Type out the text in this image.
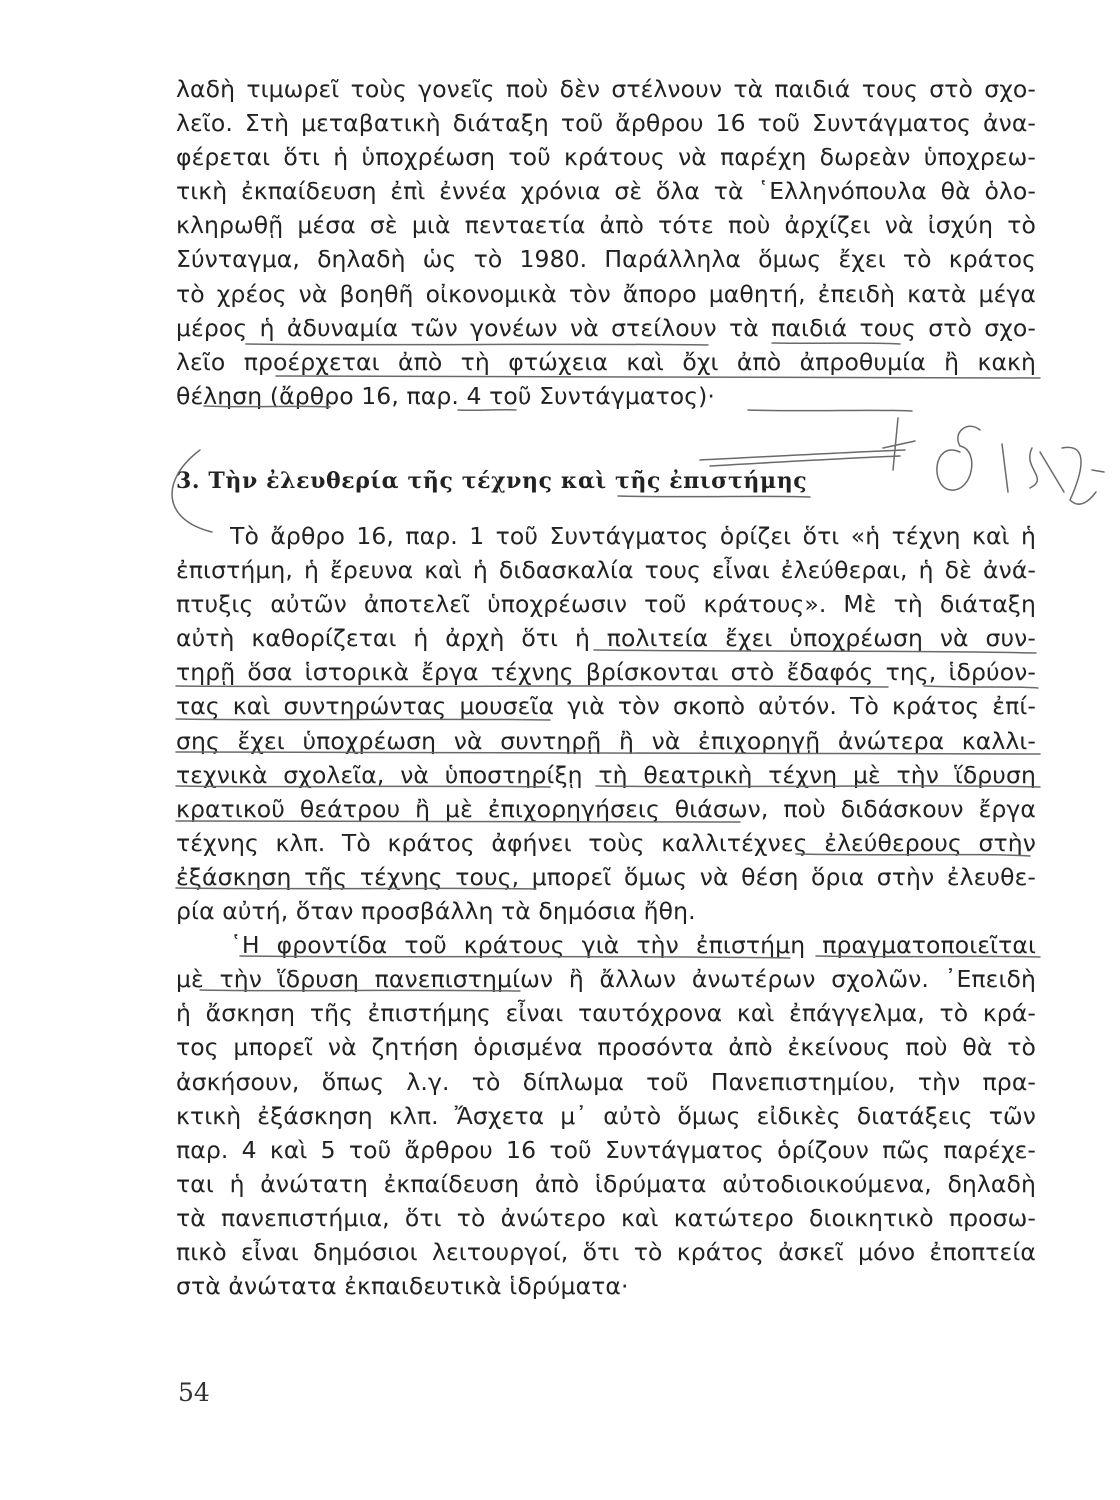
λαδὴ τιμωρεῖ τοὺς γονεῖς ποὺ δὲν στέλνουν τὰ παιδιά τους στὸ σχο-
λεῖο. Στὴ μεταβατικὴ διάταξη τοῦ ἄρθρου 16 τοῦ Συντάγματος ἀνα-
φέρεται ὅτι ἡ ὑποχρέωση τοῦ κράτους νὰ παρέχη δωρεὰν ὑποχρεω-
τικὴ ἐκπαίδευση ἐπὶ ἐννέα χρόνια σὲ ὅλα τὰ ῾Ελληνόπουλα θὰ ὁλο-
κληρωθῇ μέσα σὲ μιὰ πενταετία ἀπὸ τότε ποὺ ἀρχίζει νὰ ἰσχύη τὸ
Σύνταγμα, δηλαδὴ ὡς τὸ 1980. Παράλληλα ὅμως ἔχει τὸ κράτος
τὸ χρέος νὰ βοηθῆ οἰκονομικὰ τὸν ἄπορο μαθητή, ἐπειδὴ κατὰ μέγα
μέρος ἡ ἀδυναμία τῶν γονέων νὰ στείλουν τὰ παιδιά τους στὸ σχο-
λεῖο προέρχεται ἀπὸ τὴ φτώχεια καὶ ὄχι ἀπὸ ἀπροθυμία ἢ κακὴ
θέληση (ἄρθρο 16, παρ. 4 τοῦ Συντάγματος)·
3. Τὴν ἐλευθερία τῆς τέχνης καὶ τῆς ἐπιστήμης
Τὸ ἄρθρο 16, παρ. 1 τοῦ Συντάγματος ὁρίζει ὅτι «ἡ τέχνη καὶ ἡ
ἐπιστήμη, ἡ ἔρευνα καὶ ἡ διδασκαλία τους εἶναι ἐλεύθεραι, ἡ δὲ ἀνά-
πτυξις αὐτῶν ἀποτελεῖ ὑποχρέωσιν τοῦ κράτους». Μὲ τὴ διάταξη
αὐτὴ καθορίζεται ἡ ἀρχὴ ὅτι ἡ πολιτεία ἔχει ὑποχρέωση νὰ συν-
τηρῇ ὅσα ἱστορικὰ ἔργα τέχνης βρίσκονται στὸ ἔδαφός της, ἱδρύον-
τας καὶ συντηρώντας μουσεῖα γιὰ τὸν σκοπὸ αὐτόν. Τὸ κράτος ἐπί-
σης ἔχει ὑποχρέωση νὰ συντηρῇ ἢ νὰ ἐπιχορηγῇ ἀνώτερα καλλι-
τεχνικὰ σχολεῖα, νὰ ὑποστηρίξῃ τὴ θεατρικὴ τέχνη μὲ τὴν ἵδρυση
κρατικοῦ θεάτρου ἢ μὲ ἐπιχορηγήσεις θιάσων, ποὺ διδάσκουν ἔργα
τέχνης κλπ. Τὸ κράτος ἀφήνει τοὺς καλλιτέχνες ἐλεύθερους στὴν
ἐξάσκηση τῆς τέχνης τους, μπορεῖ ὅμως νὰ θέση ὅρια στὴν ἐλευθε-
ρία αὐτή, ὅταν προσβάλλη τὰ δημόσια ἤθη.
῾Η φροντίδα τοῦ κράτους γιὰ τὴν ἐπιστήμη πραγματοποιεῖται
μὲ τὴν ἵδρυση πανεπιστημίων ἢ ἄλλων ἀνωτέρων σχολῶν. ᾽Επειδὴ
ἡ ἄσκηση τῆς ἐπιστήμης εἶναι ταυτόχρονα καὶ ἐπάγγελμα, τὸ κρά-
τος μπορεῖ νὰ ζητήση ὁρισμένα προσόντα ἀπὸ ἐκείνους ποὺ θὰ τὸ
ἀσκήσουν, ὅπως λ.γ. τὸ δίπλωμα τοῦ Πανεπιστημίου, τὴν πρα-
κτικὴ ἐξάσκηση κλπ. Ἄσχετα μ᾽ αὐτὸ ὅμως εἰδικὲς διατάξεις τῶν
παρ. 4 καὶ 5 τοῦ ἄρθρου 16 τοῦ Συντάγματος ὁρίζουν πῶς παρέχε-
ται ἡ ἀνώτατη ἐκπαίδευση ἀπὸ ἱδρύματα αὐτοδιοικούμενα, δηλαδὴ
τὰ πανεπιστήμια, ὅτι τὸ ἀνώτερο καὶ κατώτερο διοικητικὸ προσω-
πικὸ εἶναι δημόσιοι λειτουργοί, ὅτι τὸ κράτος ἀσκεῖ μόνο ἐποπτεία
στὰ ἀνώτατα ἐκπαιδευτικὰ ἱδρύματα·
54
